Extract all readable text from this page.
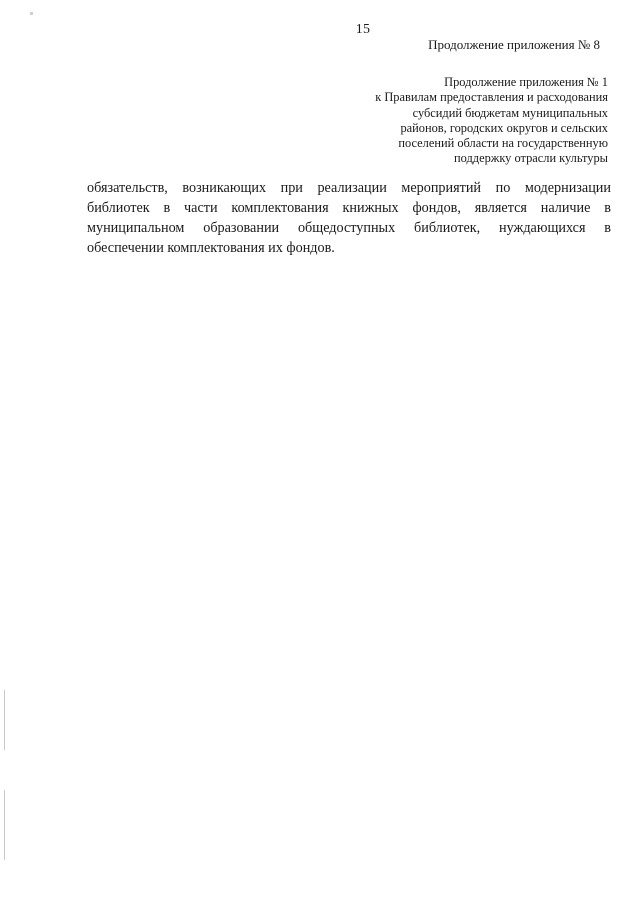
15
Продолжение приложения № 8
Продолжение приложения № 1
к Правилам предоставления и расходования
субсидий бюджетам муниципальных
районов, городских округов и сельских
поселений области на государственную
поддержку отрасли культуры
обязательств, возникающих при реализации мероприятий по модернизации
библиотек в части комплектования книжных фондов, является наличие в
муниципальном образовании общедоступных библиотек, нуждающихся в
обеспечении комплектования их фондов.
